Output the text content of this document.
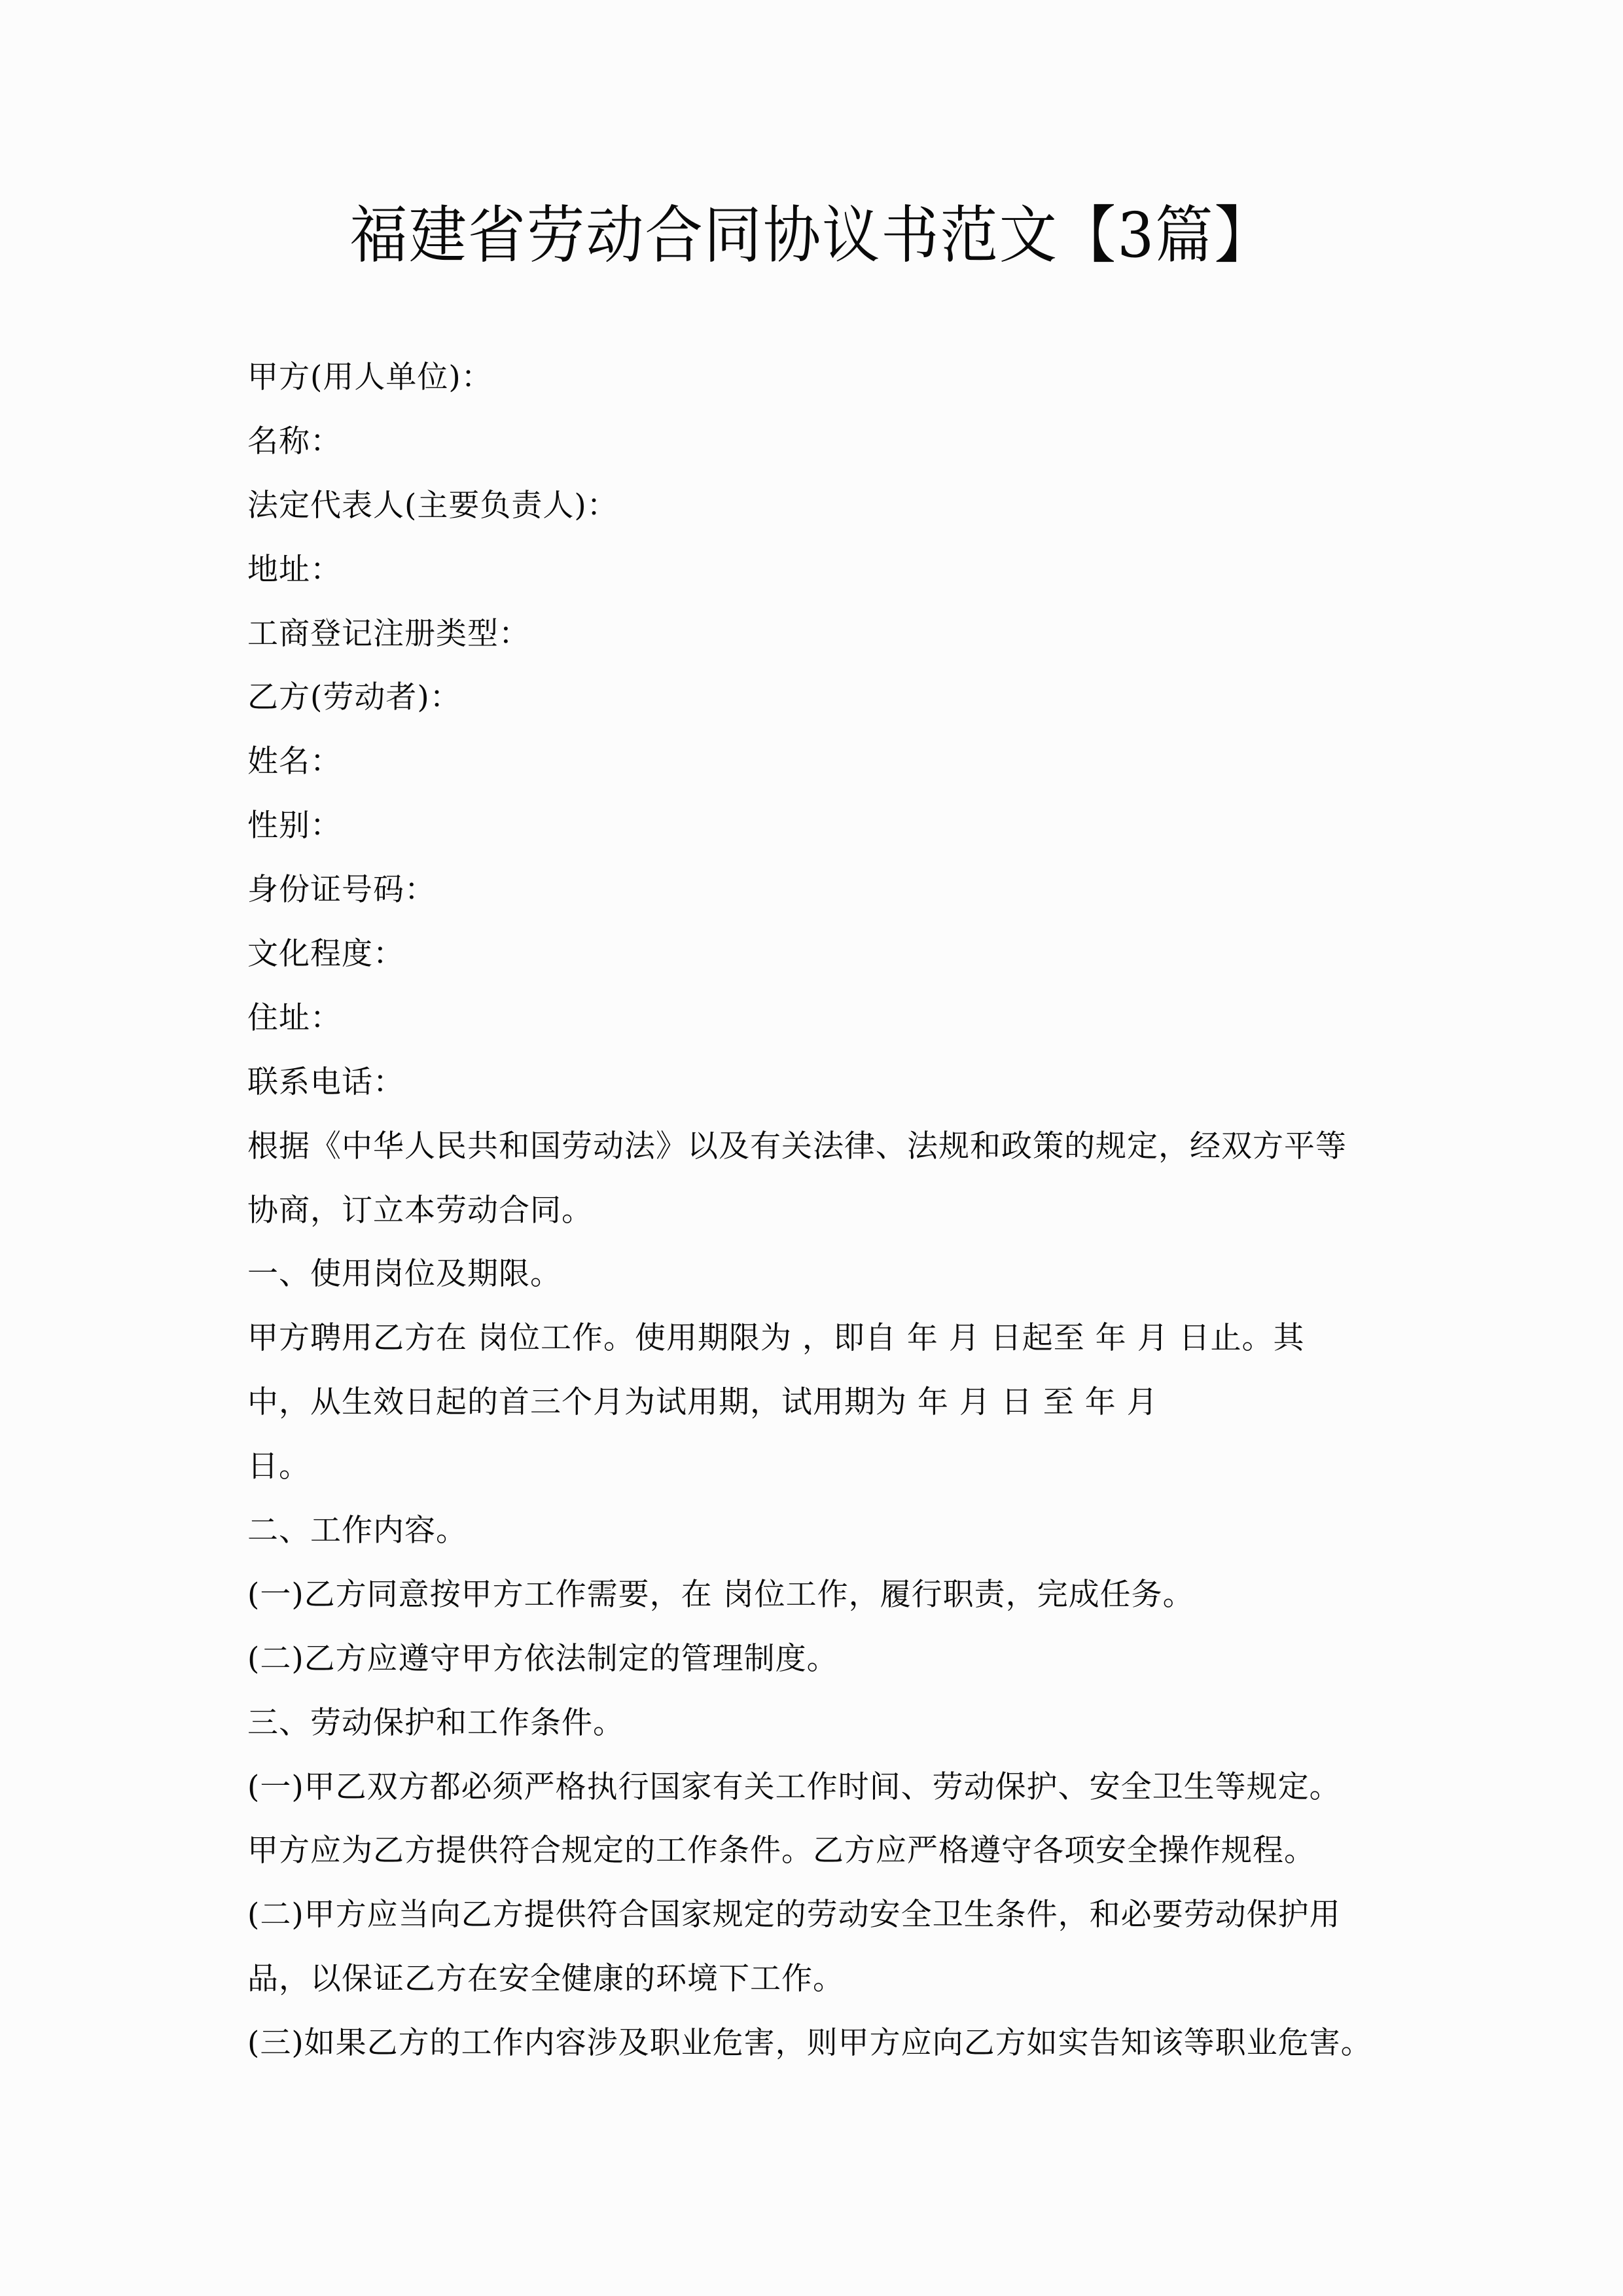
福建省劳动合同协议书范文【3篇】

甲方(用人单位)：

名称：

法定代表人(主要负责人)：

地址：

工商登记注册类型：

乙方(劳动者)：

姓名：

性别：

身份证号码：

文化程度：

住址：

联系电话：

根据《中华人民共和国劳动法》以及有关法律、法规和政策的规定，经双方平等

协商，订立本劳动合同。

一、使用岗位及期限。

甲方聘用乙方在 岗位工作。使用期限为 ，即自 年 月 日起至 年 月 日止。其

中，从生效日起的首三个月为试用期，试用期为 年 月 日 至 年 月

日。

二、工作内容。

(一)乙方同意按甲方工作需要，在 岗位工作，履行职责，完成任务。

(二)乙方应遵守甲方依法制定的管理制度。

三、劳动保护和工作条件。

(一)甲乙双方都必须严格执行国家有关工作时间、劳动保护、安全卫生等规定。

甲方应为乙方提供符合规定的工作条件。乙方应严格遵守各项安全操作规程。

(二)甲方应当向乙方提供符合国家规定的劳动安全卫生条件，和必要劳动保护用

品，以保证乙方在安全健康的环境下工作。

(三)如果乙方的工作内容涉及职业危害，则甲方应向乙方如实告知该等职业危害。
